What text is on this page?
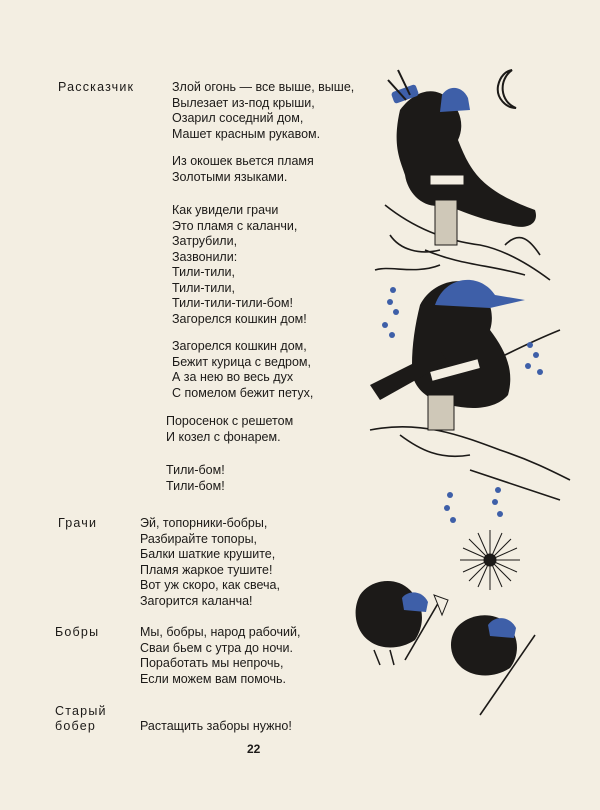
Рассказчик	Злой огонь — все выше, выше,
Вылезает из-под крыши,
Озарил соседний дом,
Машет красным рукавом.
Из окошек вьется пламя
Золотыми языками.
Как увидели грачи
Это пламя с каланчи,
Затрубили,
Зазвонили:
Тили-тили,
Тили-тили,
Тили-тили-тили-бом!
Загорелся кошкин дом!
Загорелся кошкин дом,
Бежит курица с ведром,
А за нею во весь дух
С помелом бежит петух,
Поросенок с решетом
И козел с фонарем.
Тили-бом!
Тили-бом!
Грачи	Эй, топорники-бобры,
Разбирайте топоры,
Балки шаткие крушите,
Пламя жаркое тушите!
Вот уж скоро, как свеча,
Загорится каланча!
Бобры	Мы, бобры, народ рабочий,
Сваи бьем с утра до ночи.
Поработать мы непрочь,
Если можем вам помочь.
Старый
бобер	Растащить заборы нужно!
22
